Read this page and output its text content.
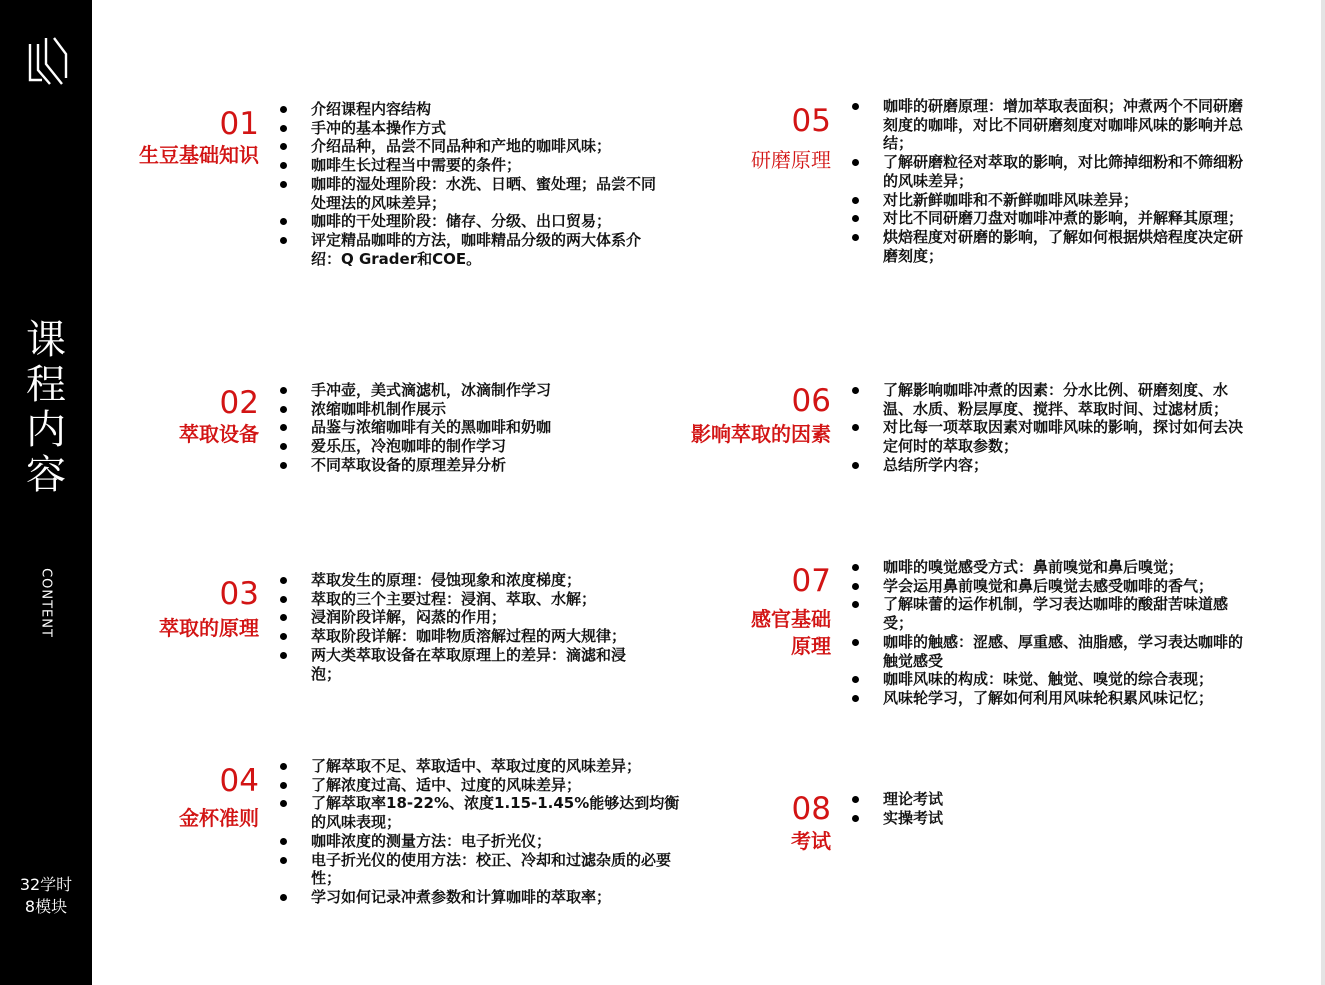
课
程
内
容
CONTENT
32学时
8模块
01
生豆基础知识
介绍课程内容结构
手冲的基本操作方式
介绍品种，品尝不同品种和产地的咖啡风味；
咖啡生长过程当中需要的条件；
咖啡的湿处理阶段：水洗、日晒、蜜处理；品尝不同处理法的风味差异；
咖啡的干处理阶段：储存、分级、出口贸易；
评定精品咖啡的方法，咖啡精品分级的两大体系介绍：Q Grader和COE。
02
萃取设备
手冲壶，美式滴滤机，冰滴制作学习
浓缩咖啡机制作展示
品鉴与浓缩咖啡有关的黑咖啡和奶咖
爱乐压，冷泡咖啡的制作学习
不同萃取设备的原理差异分析
03
萃取的原理
萃取发生的原理：侵蚀现象和浓度梯度；
萃取的三个主要过程：浸润、萃取、水解；
浸润阶段详解，闷蒸的作用；
萃取阶段详解：咖啡物质溶解过程的两大规律；
两大类萃取设备在萃取原理上的差异：滴滤和浸泡；
04
金杯准则
了解萃取不足、萃取适中、萃取过度的风味差异；
了解浓度过高、适中、过度的风味差异；
了解萃取率18-22%、浓度1.15-1.45%能够达到均衡的风味表现；
咖啡浓度的测量方法：电子折光仪；
电子折光仪的使用方法：校正、冷却和过滤杂质的必要性；
学习如何记录冲煮参数和计算咖啡的萃取率；
05
研磨原理
咖啡的研磨原理：增加萃取表面积；冲煮两个不同研磨刻度的咖啡，对比不同研磨刻度对咖啡风味的影响并总结；
了解研磨粒径对萃取的影响，对比筛掉细粉和不筛细粉的风味差异；
对比新鲜咖啡和不新鲜咖啡风味差异；
对比不同研磨刀盘对咖啡冲煮的影响，并解释其原理；
烘焙程度对研磨的影响，了解如何根据烘焙程度决定研磨刻度；
06
影响萃取的因素
了解影响咖啡冲煮的因素：分水比例、研磨刻度、水温、水质、粉层厚度、搅拌、萃取时间、过滤材质；
对比每一项萃取因素对咖啡风味的影响，探讨如何去决定何时的萃取参数；
总结所学内容；
07
感官基础原理
咖啡的嗅觉感受方式：鼻前嗅觉和鼻后嗅觉；
学会运用鼻前嗅觉和鼻后嗅觉去感受咖啡的香气；
了解味蕾的运作机制，学习表达咖啡的酸甜苦味道感受；
咖啡的触感：涩感、厚重感、油脂感，学习表达咖啡的触觉感受
咖啡风味的构成：味觉、触觉、嗅觉的综合表现；
风味轮学习，了解如何利用风味轮积累风味记忆；
08
考试
理论考试
实操考试
